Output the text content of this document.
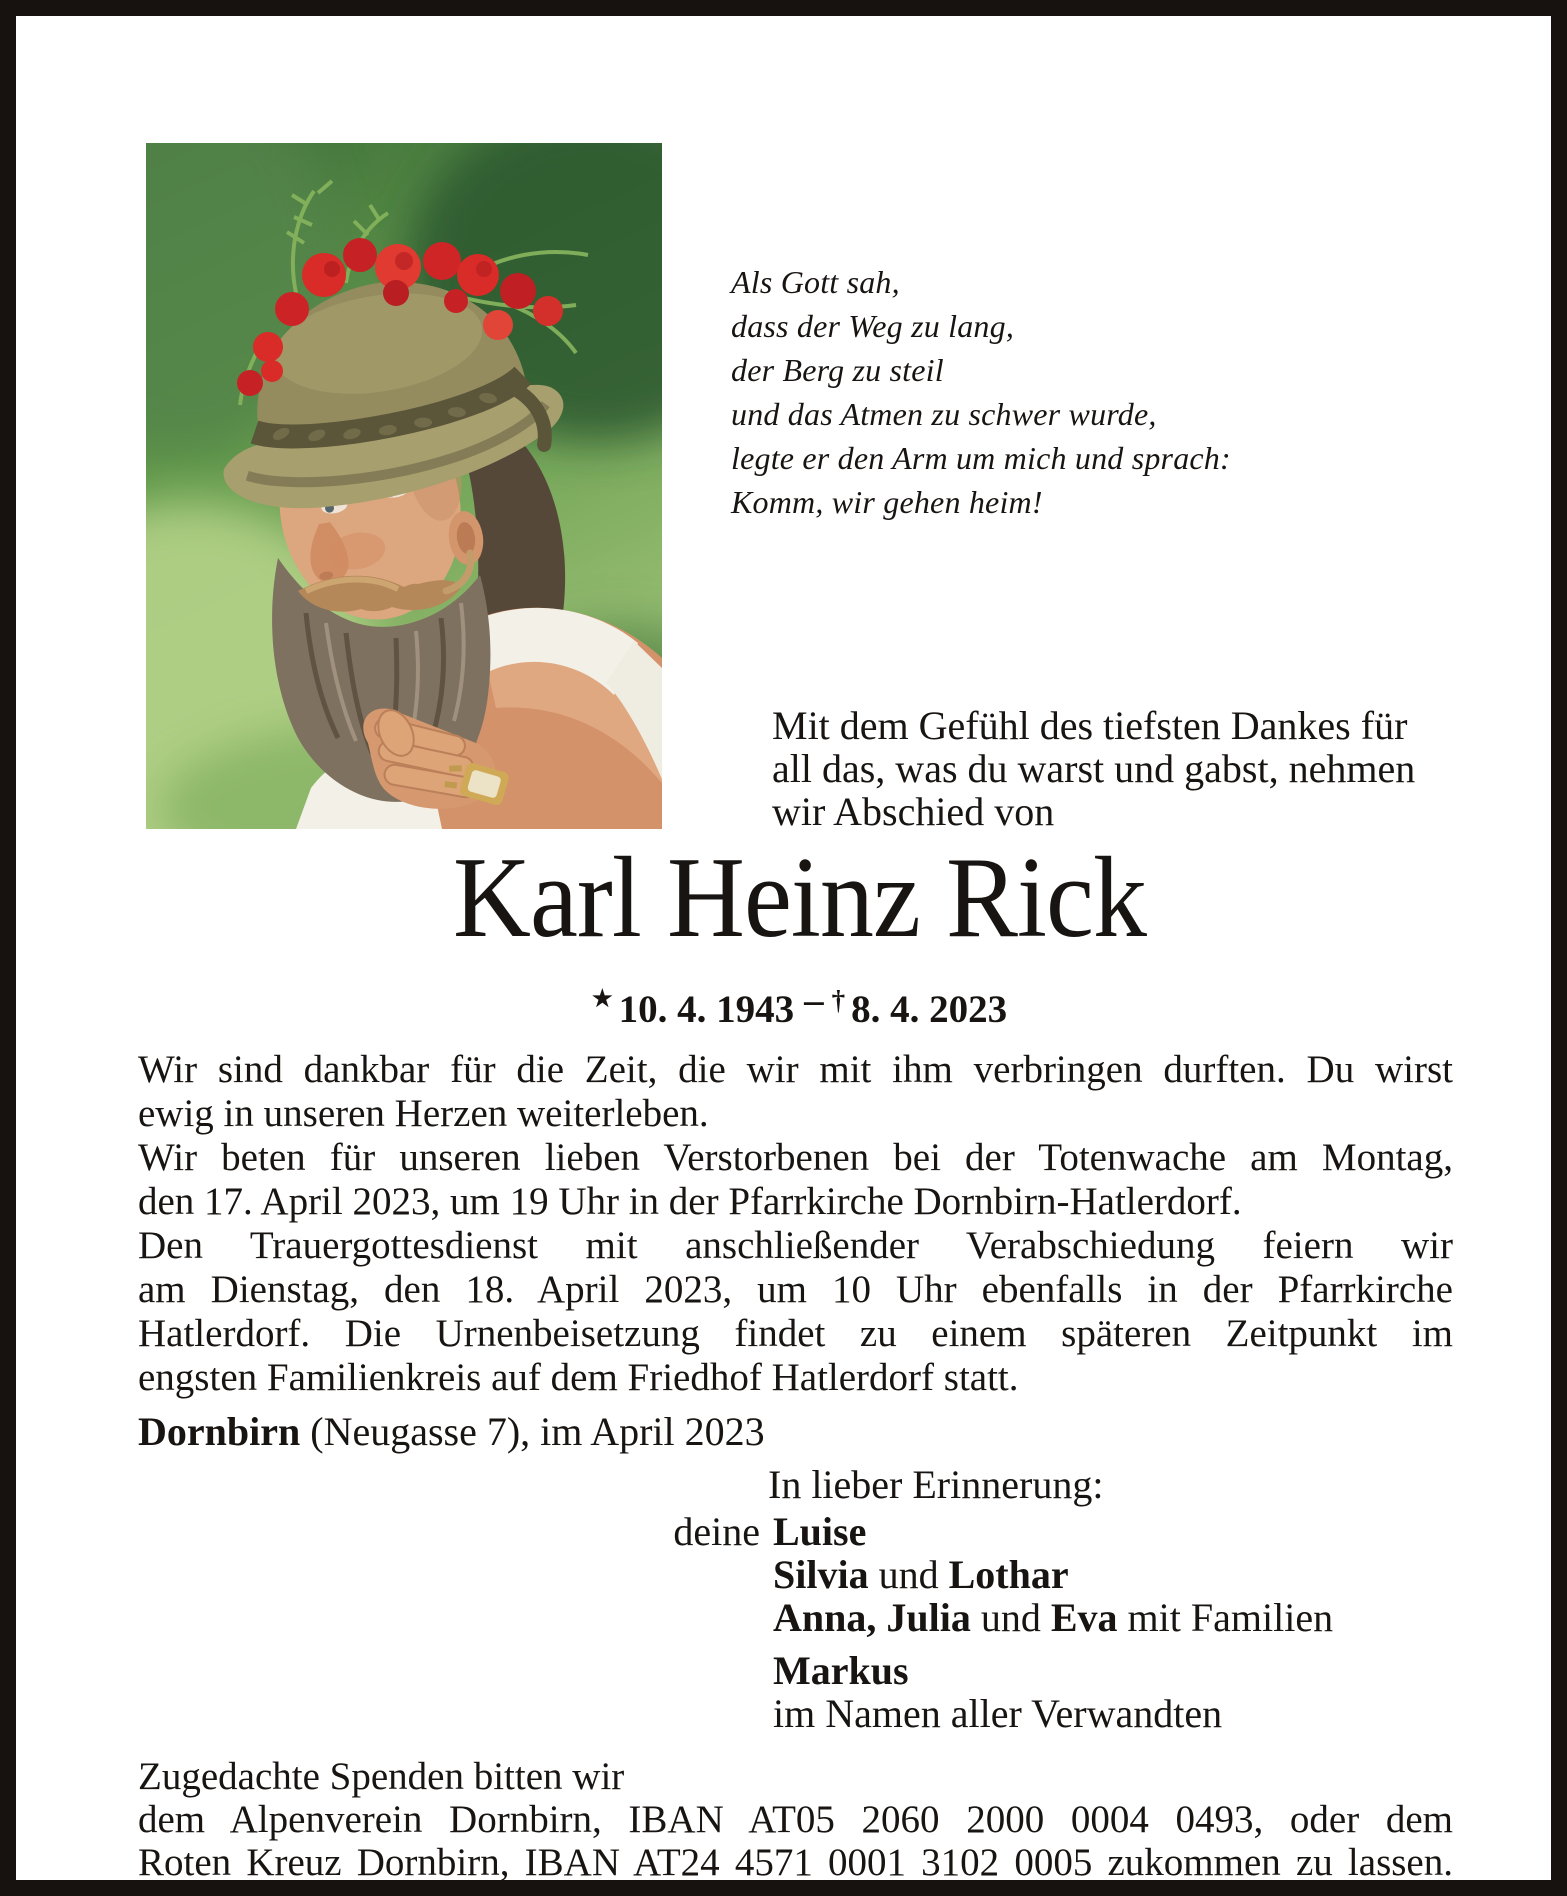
Als Gott sah,
dass der Weg zu lang,
der Berg zu steil
und das Atmen zu schwer wurde,
legte er den Arm um mich und sprach:
Komm, wir gehen heim!
Mit dem Gefühl des tiefsten Dankes für
all das, was du warst und gabst, nehmen
wir Abschied von
Karl Heinz Rick
★ 10. 4. 1943 – † 8. 4. 2023
Wir sind dankbar für die Zeit, die wir mit ihm verbringen durften. Du wirst
ewig in unseren Herzen weiterleben.
Wir beten für unseren lieben Verstorbenen bei der Totenwache am Montag,
den 17. April 2023, um 19 Uhr in der Pfarrkirche Dornbirn-Hatlerdorf.
Den Trauergottesdienst mit anschließender Verabschiedung feiern wir
am Dienstag, den 18. April 2023, um 10 Uhr ebenfalls in der Pfarrkirche
Hatlerdorf. Die Urnenbeisetzung findet zu einem späteren Zeitpunkt im
engsten Familienkreis auf dem Friedhof Hatlerdorf statt.
Dornbirn (Neugasse 7), im April 2023
In lieber Erinnerung:
deine Luise
Silvia und Lothar
Anna, Julia und Eva mit Familien
Markus
im Namen aller Verwandten
Zugedachte Spenden bitten wir
dem Alpenverein Dornbirn, IBAN AT05 2060 2000 0004 0493, oder dem
Roten Kreuz Dornbirn, IBAN AT24 4571 0001 3102 0005 zukommen zu lassen.
